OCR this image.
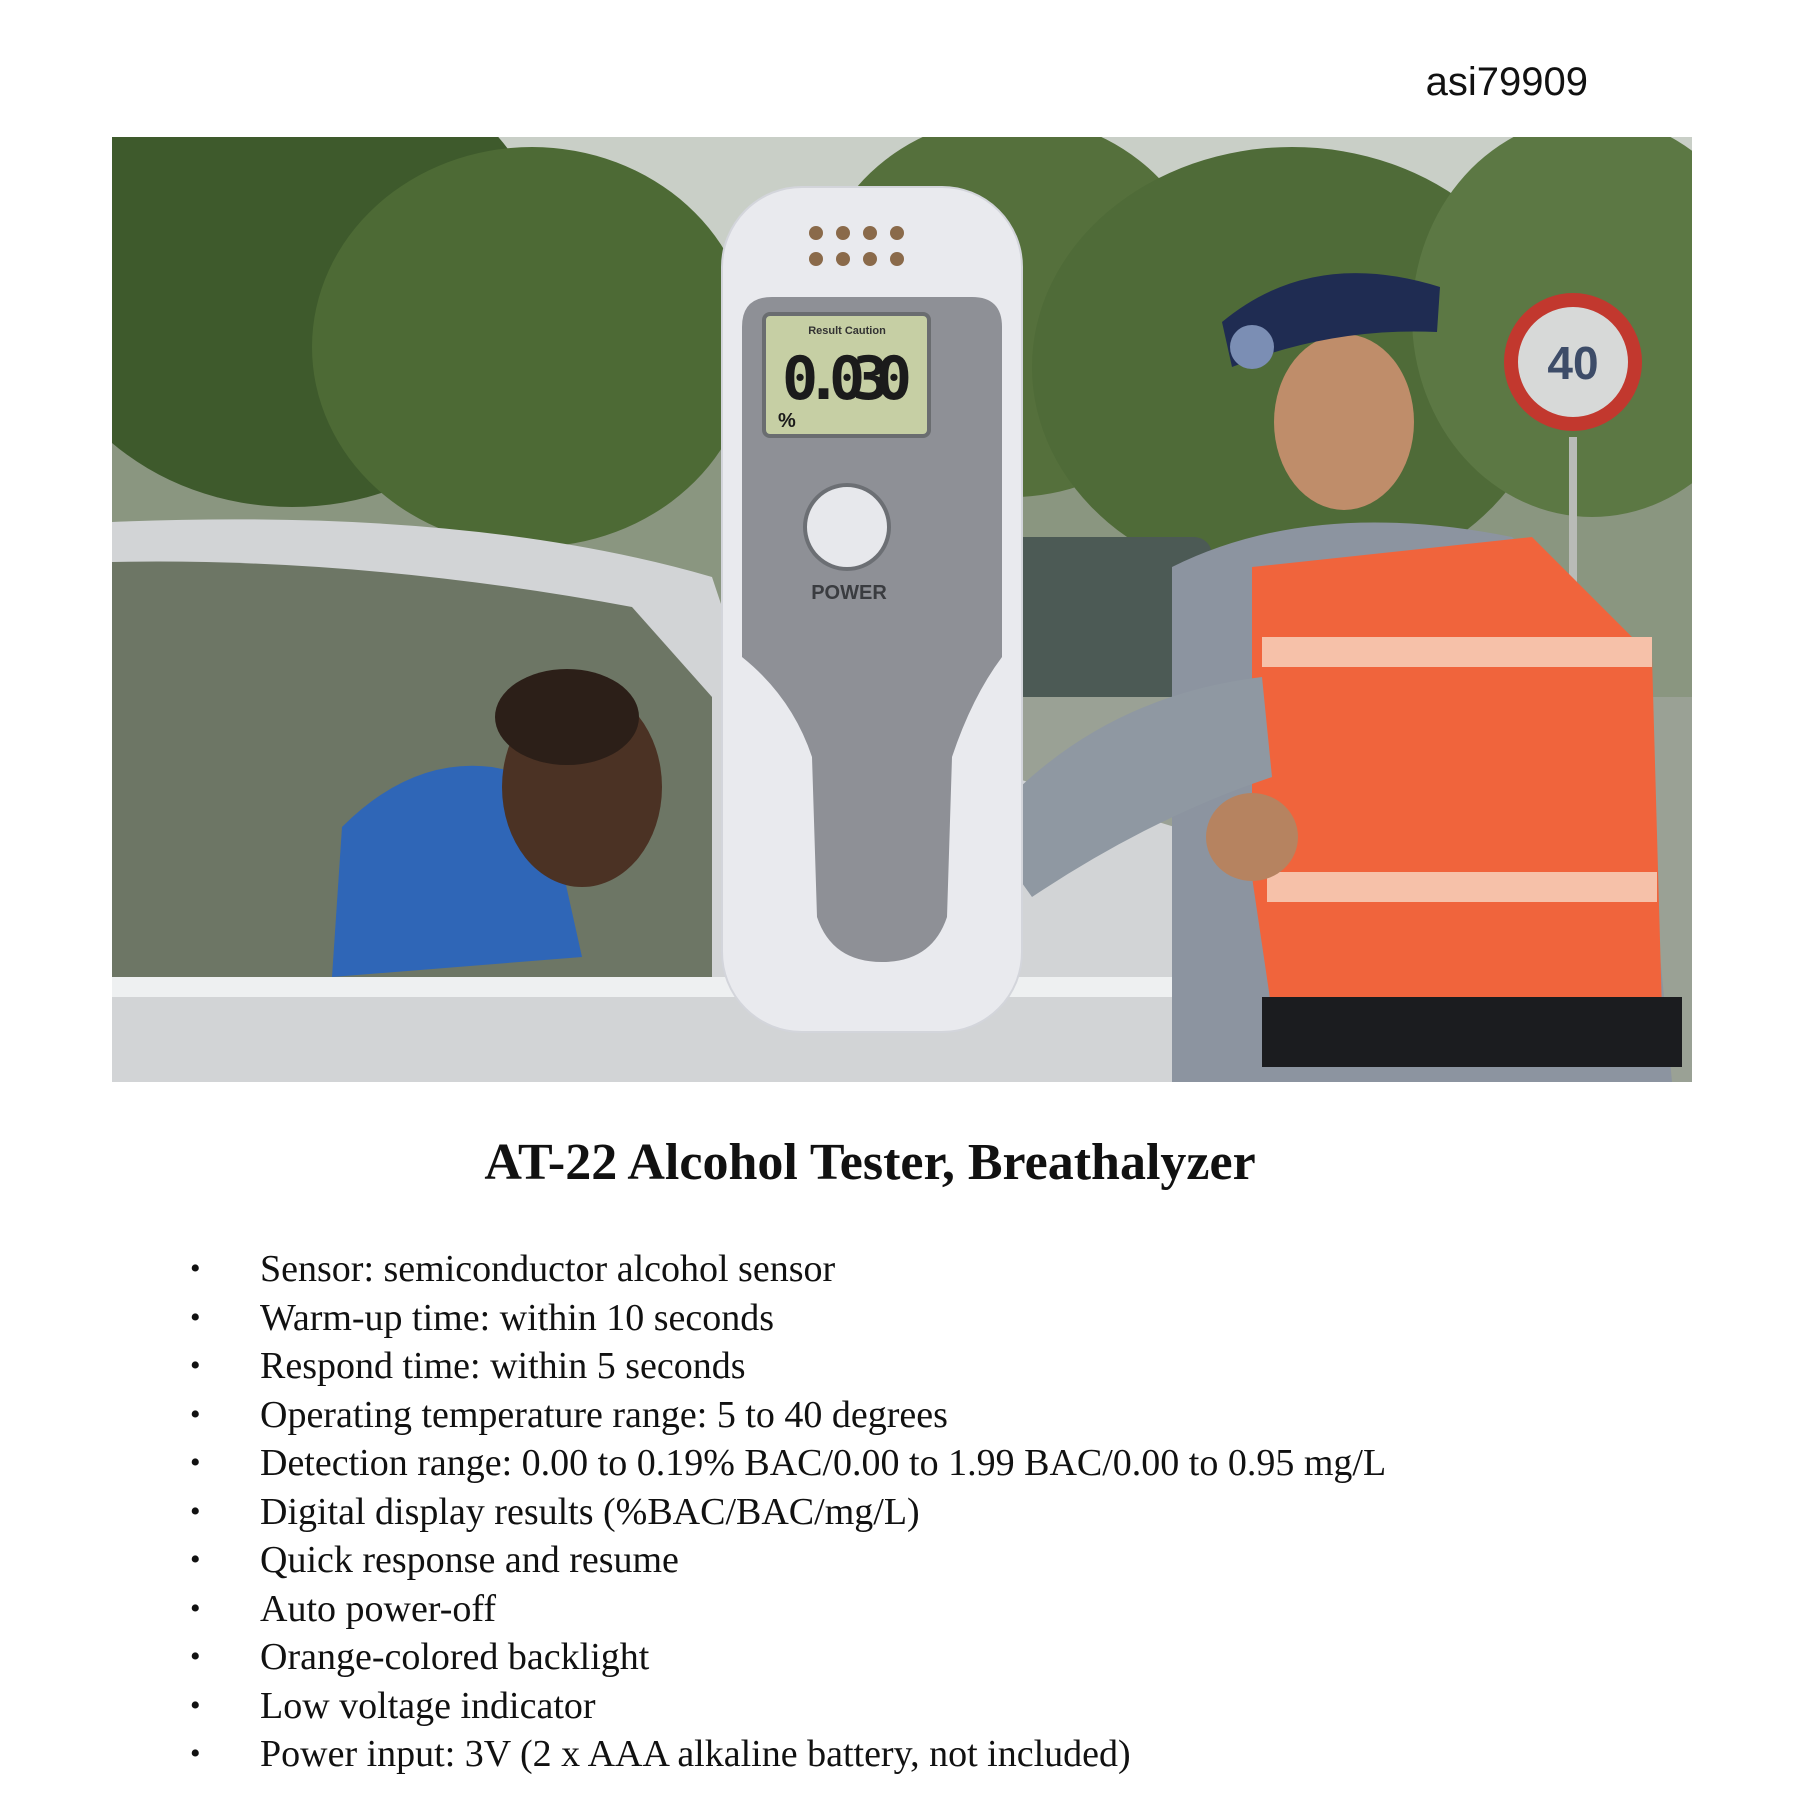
asi79909
40
Result Caution
0.030
%
POWER
AT-22 Alcohol Tester, Breathalyzer
• Sensor: semiconductor alcohol sensor
• Warm-up time: within 10 seconds
• Respond time: within 5 seconds
• Operating temperature range: 5 to 40 degrees
• Detection range: 0.00 to 0.19% BAC/0.00 to 1.99 BAC/0.00 to 0.95 mg/L
• Digital display results (%BAC/BAC/mg/L)
• Quick response and resume
• Auto power-off
• Orange-colored backlight
• Low voltage indicator
• Power input: 3V (2 x AAA alkaline battery, not included)
